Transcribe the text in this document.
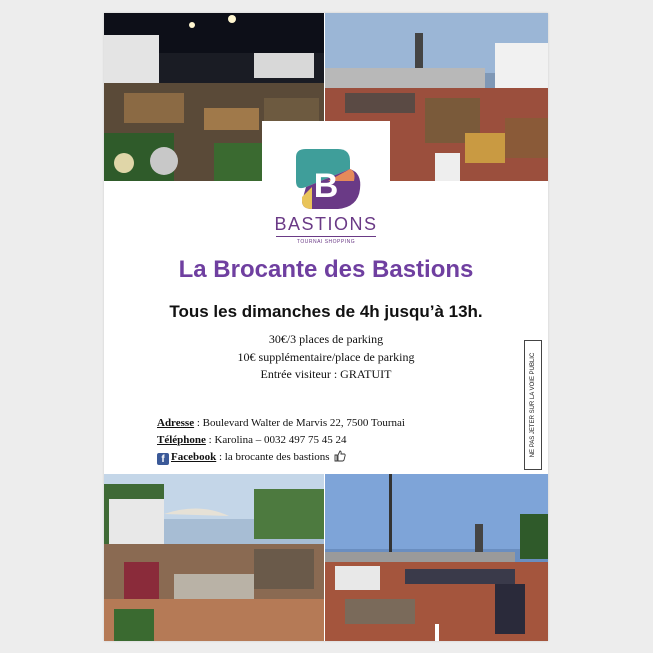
B
BASTIONS
TOURNAI SHOPPING
La Brocante des Bastions
Tous les dimanches de 4h jusqu’à 13h.
30€/3 places de parking
10€ supplémentaire/place de parking
Entrée visiteur : GRATUIT
Adresse : Boulevard Walter de Marvis 22, 7500 Tournai
Téléphone : Karolina – 0032 497 75 45 24
f Facebook : la brocante des bastions	NE PAS JETER SUR LA VOIE PUBLIC
